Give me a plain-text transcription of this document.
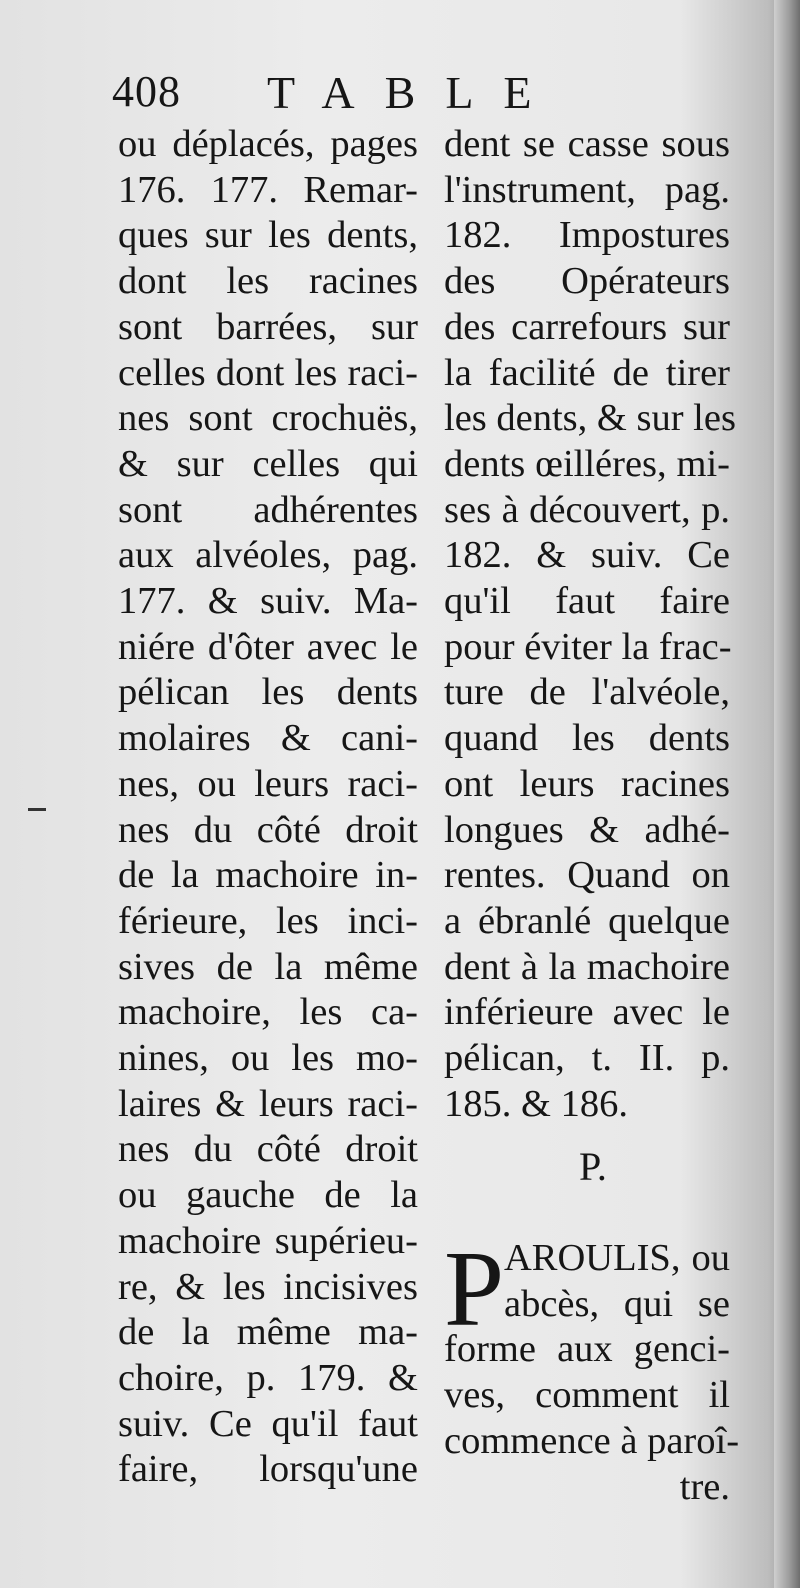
408 TABLE
ou déplacés, pages
176. 177. Remar-
ques sur les dents,
dont les racines
sont barrées, sur
celles dont les raci-
nes sont crochuës,
& sur celles qui
sont adhérentes
aux alvéoles, pag.
177. & suiv. Ma-
niére d'ôter avec le
pélican les dents
molaires & cani-
nes, ou leurs raci-
nes du côté droit
de la machoire in-
férieure, les inci-
sives de la même
machoire, les ca-
nines, ou les mo-
laires & leurs raci-
nes du côté droit
ou gauche de la
machoire supérieu-
re, & les incisives
de la même ma-
choire, p. 179. &
suiv. Ce qu'il faut
faire, lorsqu'une
dent se casse sous
l'instrument, pag.
182. Impostures
des Opérateurs
des carrefours sur
la facilité de tirer
les dents, & sur les
dents œilléres, mi-
ses à découvert, p.
182. & suiv. Ce
qu'il faut faire
pour éviter la frac-
ture de l'alvéole,
quand les dents
ont leurs racines
longues & adhé-
rentes. Quand on
a ébranlé quelque
dent à la machoire
inférieure avec le
pélican, t. II. p.
185. & 186.
P.
P AROULIS, ou
abcès, qui se
forme aux genci-
ves, comment il
commence à paroî-
tre.
